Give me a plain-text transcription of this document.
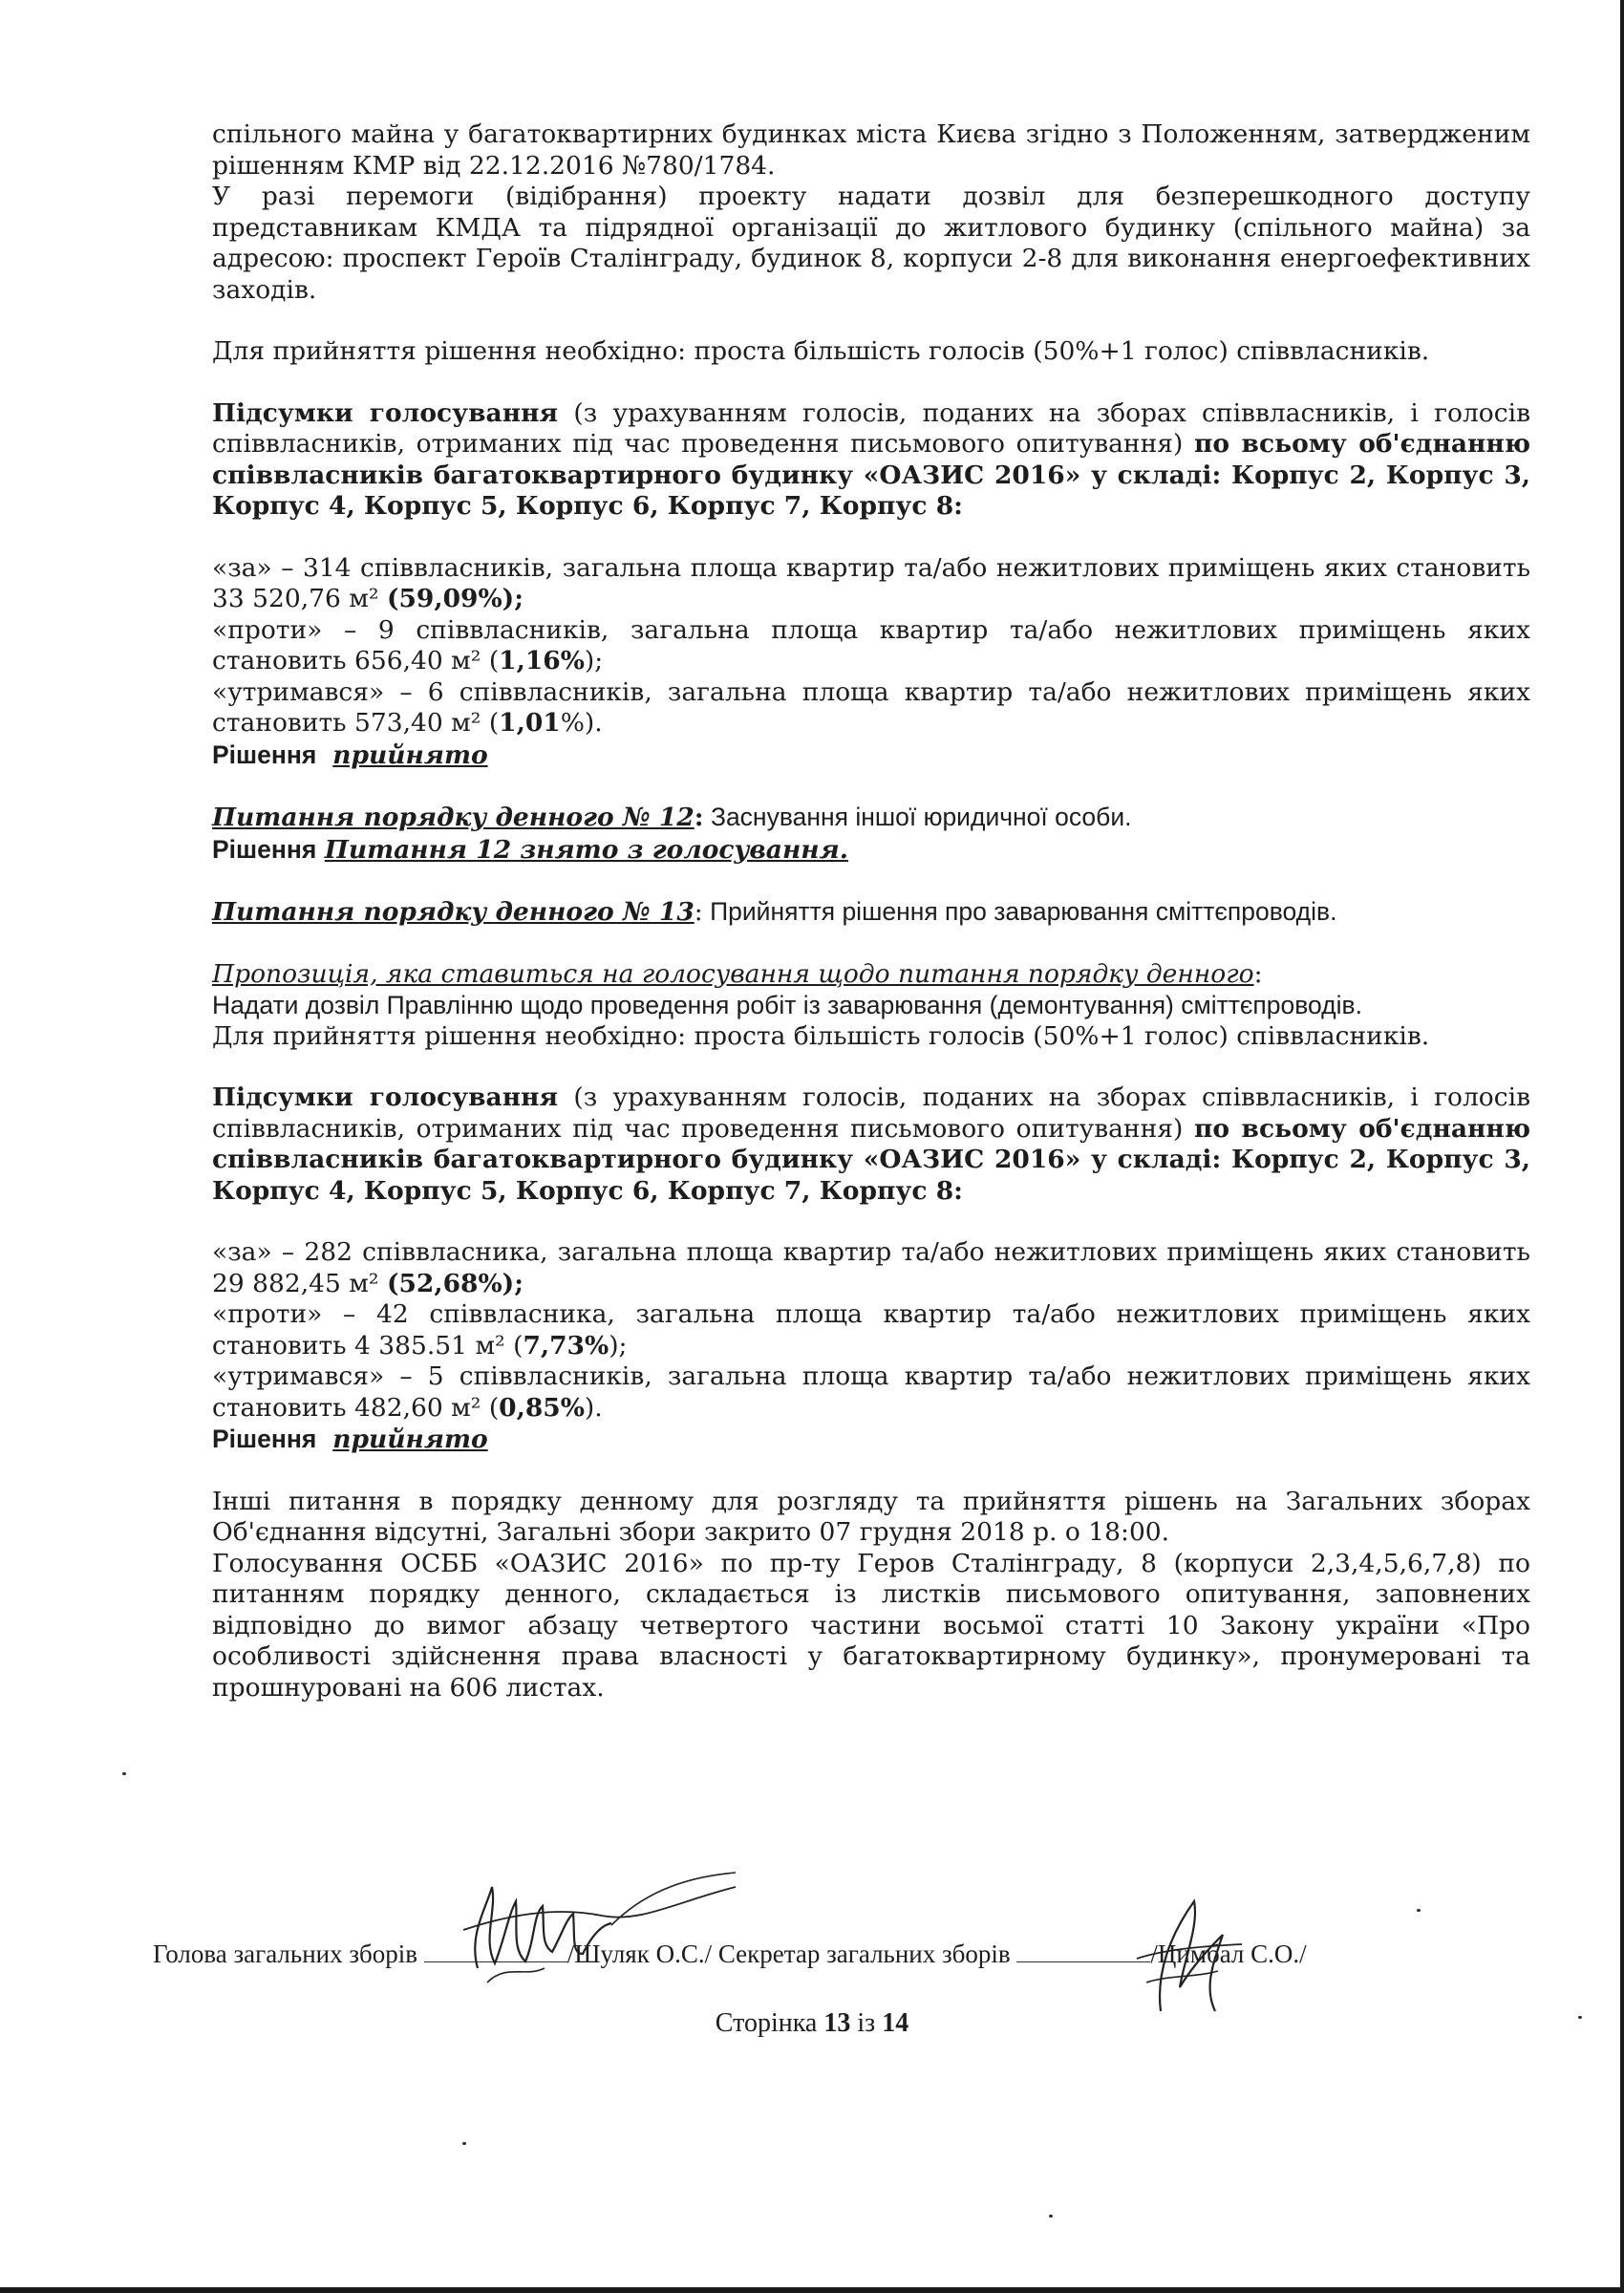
спільного майна у багатоквартирних будинках міста Києва згідно з Положенням, затвердженим рішенням КМР від 22.12.2016 №780/1784.

У разі перемоги (відібрання) проекту надати дозвіл для безперешкодного доступу представникам КМДА та підрядної організації до житлового будинку (спільного майна) за адресою: проспект Героїв Сталінграду, будинок 8, корпуси 2-8 для виконання енергоефективних заходів.

Для прийняття рішення необхідно: проста більшість голосів (50%+1 голос) співвласників.

Підсумки голосування (з урахуванням голосів, поданих на зборах співвласників, і голосів співвласників, отриманих під час проведення письмового опитування) по всьому об'єднанню співвласників багатоквартирного будинку «ОАЗИС 2016» у складі: Корпус 2, Корпус 3, Корпус 4, Корпус 5, Корпус 6, Корпус 7, Корпус 8:

«за» – 314 співвласників, загальна площа квартир та/або нежитлових приміщень яких становить 33 520,76 м² (59,09%);

«проти» – 9 співвласників, загальна площа квартир та/або нежитлових приміщень яких становить 656,40 м² (1,16%);

«утримався» – 6 співвласників, загальна площа квартир та/або нежитлових приміщень яких становить 573,40 м² (1,01%).

Рішення прийнято

Питання порядку денного № 12: Заснування іншої юридичної особи.

Рішення Питання 12 знято з голосування.

Питання порядку денного № 13: Прийняття рішення про заварювання сміттєпроводів.

Пропозиція, яка ставиться на голосування щодо питання порядку денного:

Надати дозвіл Правлінню щодо проведення робіт із заварювання (демонтування) сміттєпроводів.

Для прийняття рішення необхідно: проста більшість голосів (50%+1 голос) співвласників.

Підсумки голосування (з урахуванням голосів, поданих на зборах співвласників, і голосів співвласників, отриманих під час проведення письмового опитування) по всьому об'єднанню співвласників багатоквартирного будинку «ОАЗИС 2016» у складі: Корпус 2, Корпус 3, Корпус 4, Корпус 5, Корпус 6, Корпус 7, Корпус 8:

«за» – 282 співвласника, загальна площа квартир та/або нежитлових приміщень яких становить 29 882,45 м² (52,68%);

«проти» – 42 співвласника, загальна площа квартир та/або нежитлових приміщень яких становить 4 385.51 м² (7,73%);

«утримався» – 5 співвласників, загальна площа квартир та/або нежитлових приміщень яких становить 482,60 м² (0,85%).

Рішення прийнято

Інші питання в порядку денному для розгляду та прийняття рішень на Загальних зборах Об'єднання відсутні, Загальні збори закрито 07 грудня 2018 р. о 18:00.

Голосування ОСББ «ОАЗИС 2016» по пр-ту Геров Сталінграду, 8 (корпуси 2,3,4,5,6,7,8) по питанням порядку денного, складається із листків письмового опитування, заповнених відповідно до вимог абзацу четвертого частини восьмої статті 10 Закону україни «Про особливості здійснення права власності у багатоквартирному будинку», пронумеровані та прошнуровані на 606 листах.

Голова загальних зборів	/Шуляк О.С./ Секретар загальних зборів	/Цимбал С.О./
Сторінка 13 із 14
